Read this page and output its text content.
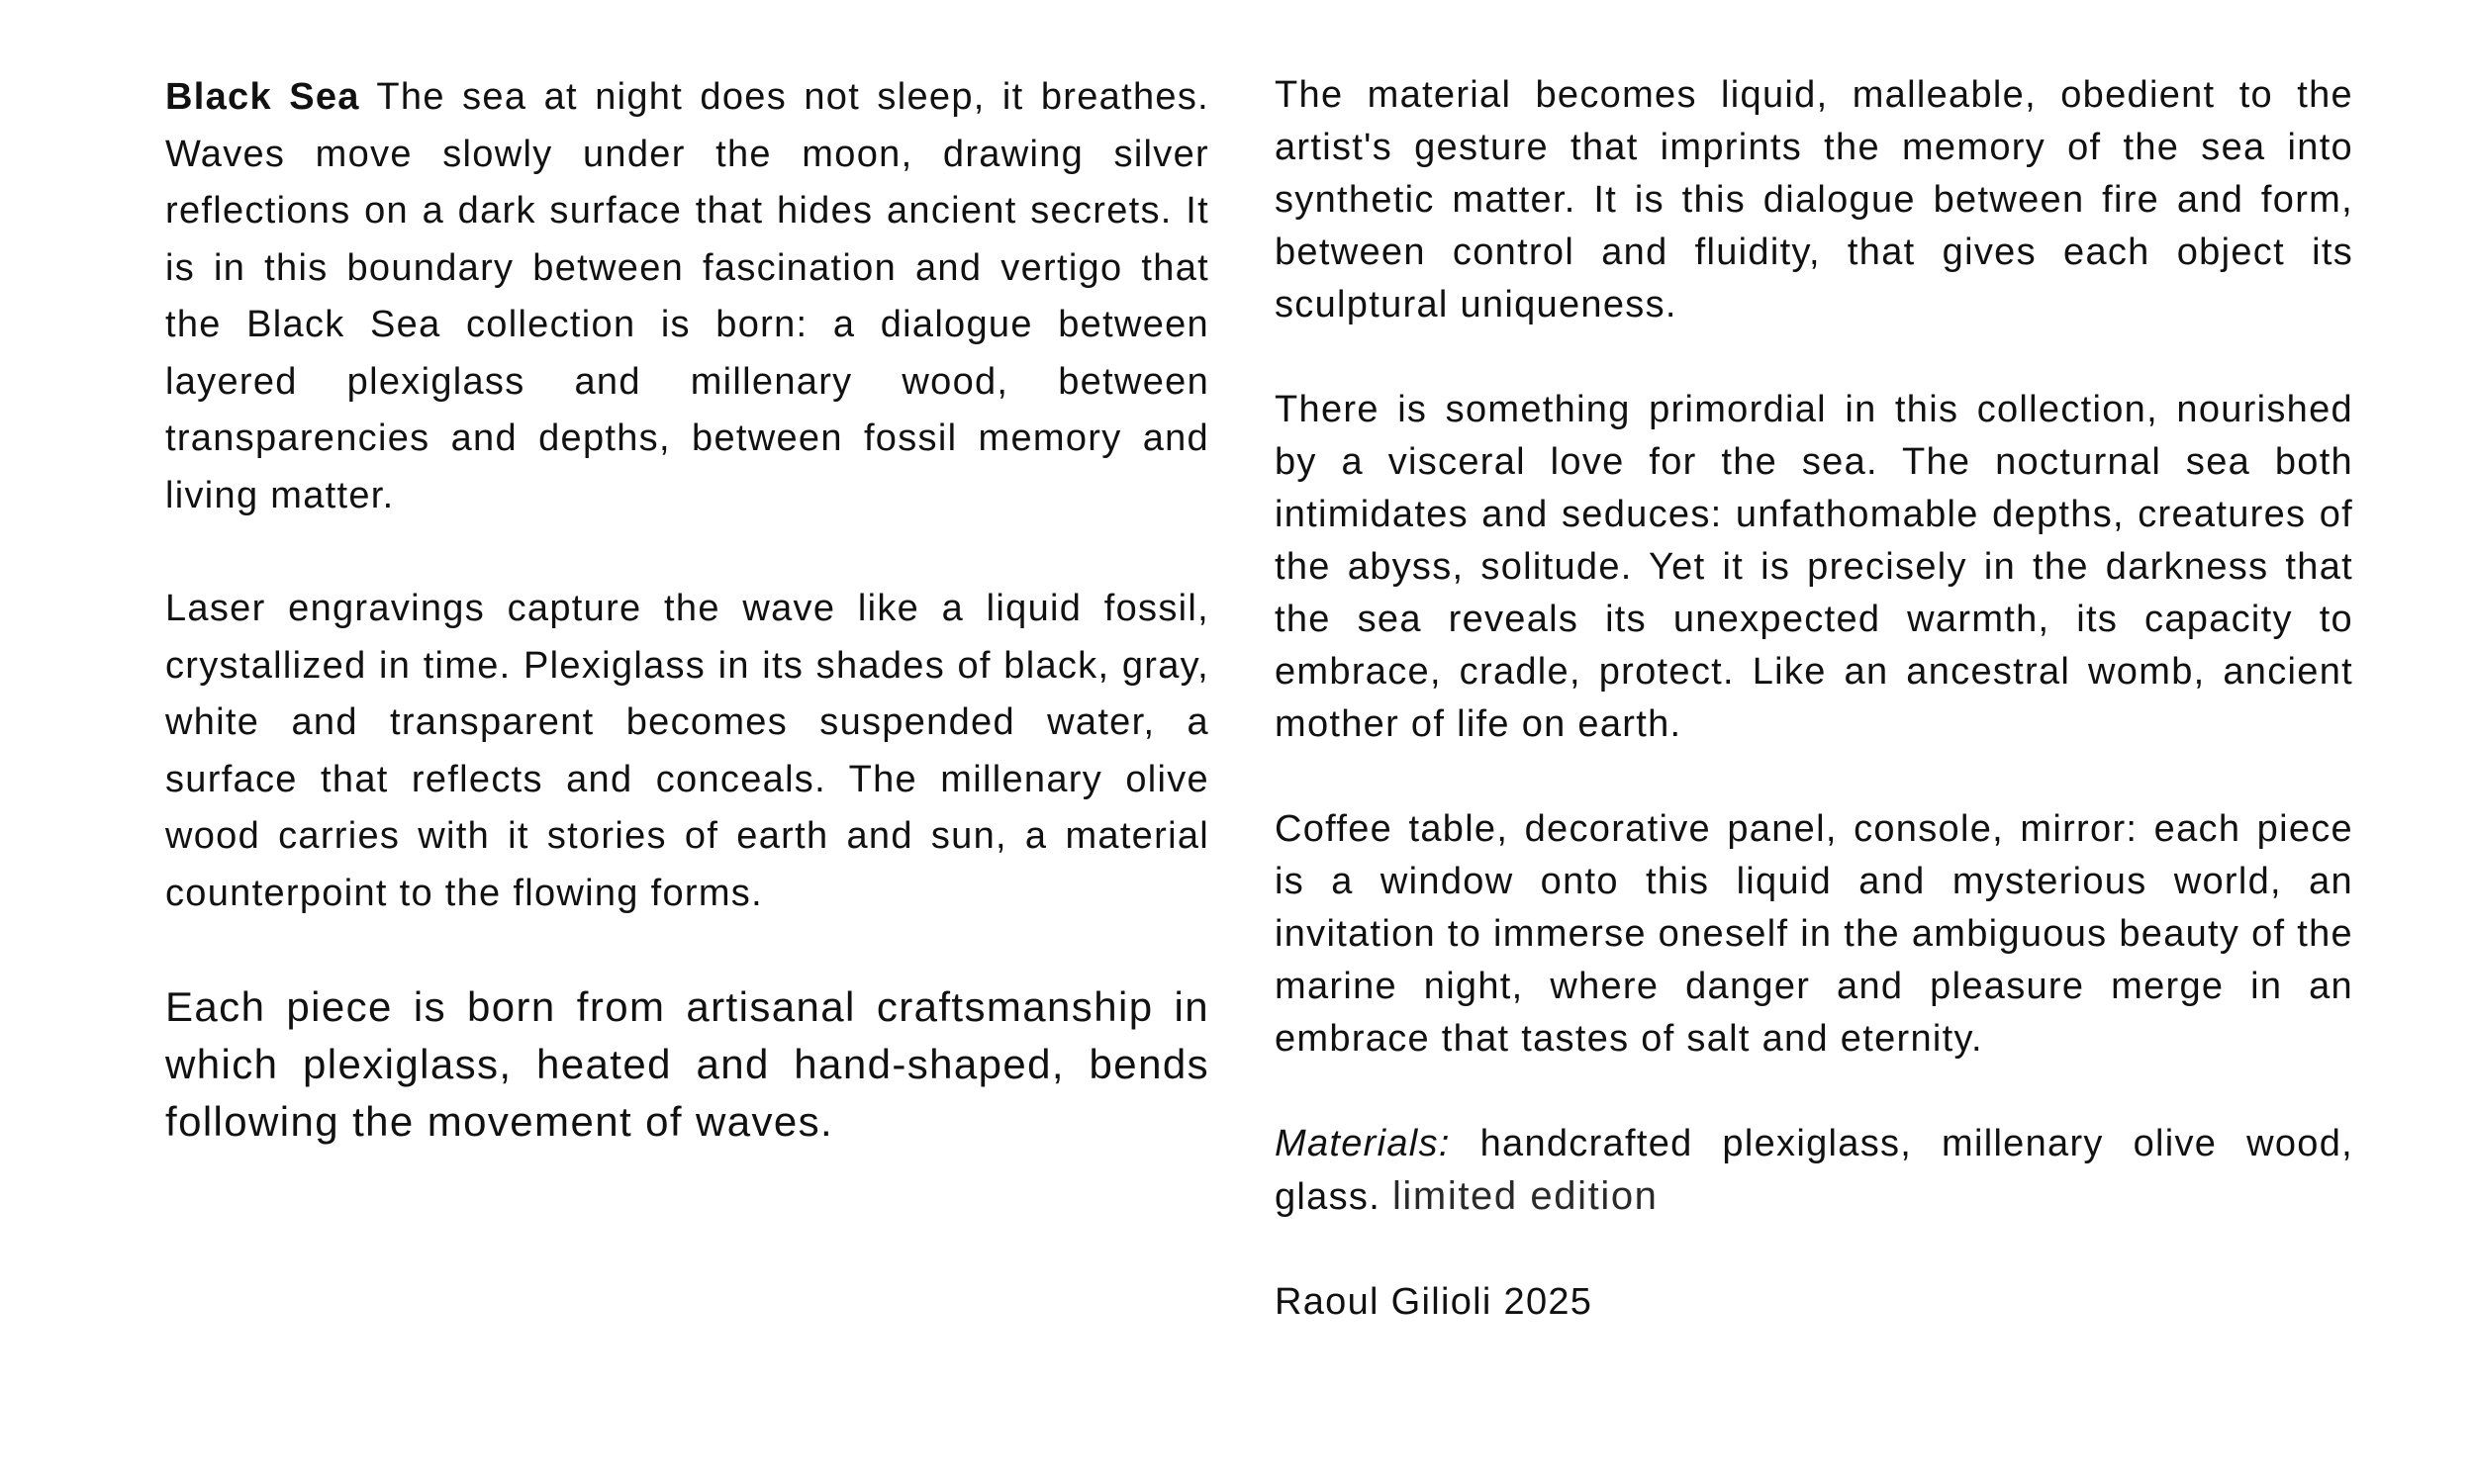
Black Sea The sea at night does not sleep, it breathes. Waves move slowly under the moon, drawing silver reflections on a dark surface that hides ancient secrets. It is in this boundary between fascination and vertigo that the Black Sea collection is born: a dialogue between layered plexiglass and millenary wood, between transparencies and depths, between fossil memory and living matter.

Laser engravings capture the wave like a liquid fossil, crystallized in time. Plexiglass in its shades of black, gray, white and transparent becomes suspended water, a surface that reflects and conceals. The millenary olive wood carries with it stories of earth and sun, a material counterpoint to the flowing forms.

Each piece is born from artisanal craftsmanship in which plexiglass, heated and hand-shaped, bends following the movement of waves.

The material becomes liquid, malleable, obedient to the artist's gesture that imprints the memory of the sea into synthetic matter. It is this dialogue between fire and form, between control and fluidity, that gives each object its sculptural uniqueness.

There is something primordial in this collection, nourished by a visceral love for the sea. The nocturnal sea both intimidates and seduces: unfathomable depths, creatures of the abyss, solitude. Yet it is precisely in the darkness that the sea reveals its unexpected warmth, its capacity to embrace, cradle, protect. Like an ancestral womb, ancient mother of life on earth.

Coffee table, decorative panel, console, mirror: each piece is a window onto this liquid and mysterious world, an invitation to immerse oneself in the ambiguous beauty of the marine night, where danger and pleasure merge in an embrace that tastes of salt and eternity.

Materials: handcrafted plexiglass, millenary olive wood, glass. limited edition

Raoul Gilioli 2025
